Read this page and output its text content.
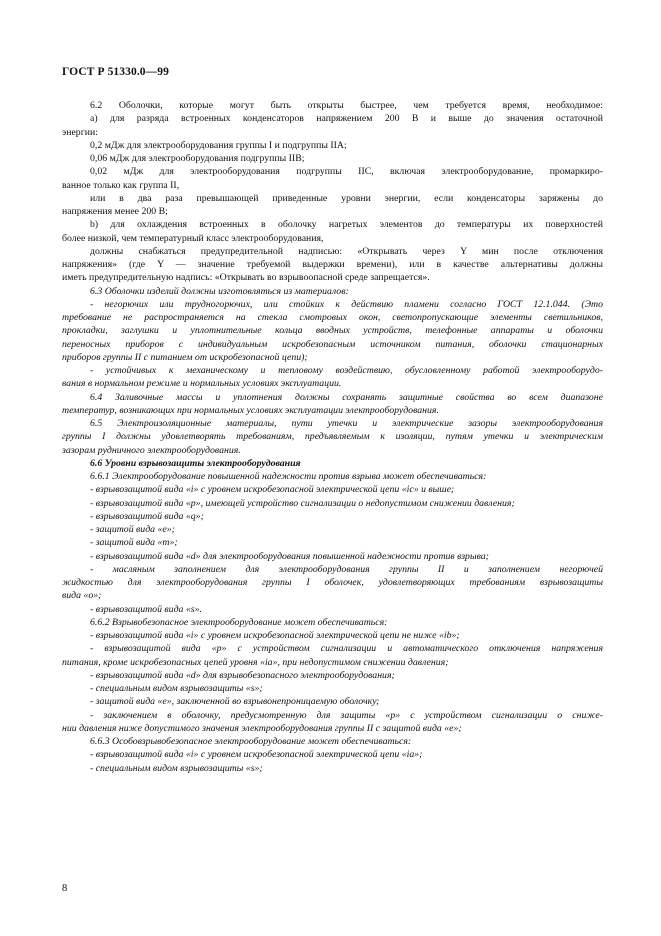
ГОСТ Р 51330.0—99
6.2 Оболочки, которые могут быть открыты быстрее, чем требуется время, необходимое:
а) для разряда встроенных конденсаторов напряжением 200 В и выше до значения остаточной
энергии:
0,2 мДж для электрооборудования группы I и подгруппы IIA;
0,06 мДж для электрооборудования подгруппы IIB;
0,02 мДж для электрооборудования подгруппы IIC, включая электрооборудование, промаркиро-
ванное только как группа II,
или в два раза превышающей приведенные уровни энергии, если конденсаторы заряжены до
напряжения менее 200 В;
b) для охлаждения встроенных в оболочку нагретых элементов до температуры их поверхностей
более низкой, чем температурный класс электрооборудования,
должны снабжаться предупредительной надписью: «Открывать через Y мин после отключения
напряжения» (где Y — значение требуемой выдержки времени), или в качестве альтернативы должны
иметь предупредительную надпись: «Открывать во взрывоопасной среде запрещается».
6.3 Оболочки изделий должны изготовляться из материалов:
- негорючих или трудногорючих, или стойких к действию пламени согласно ГОСТ 12.1.044. (Это
требование не распространяется на стекла смотровых окон, светопропускающие элементы светильников,
прокладки, заглушки и уплотнительные кольца вводных устройств, телефонные аппараты и оболочки
переносных приборов с индивидуальным искробезопасным источником питания, оболочки стационарных
приборов группы II с питанием от искробезопасной цепи);
- устойчивых к механическому и тепловому воздействию, обусловленному работой электрооборудо-
вания в нормальном режиме и нормальных условиях эксплуатации.
6.4 Заливочные массы и уплотнения должны сохранять защитные свойства во всем диапазоне
температур, возникающих при нормальных условиях эксплуатации электрооборудования.
6.5 Электроизоляционные материалы, пути утечки и электрические зазоры электрооборудования
группы I должны удовлетворять требованиям, предъявляемым к изоляции, путям утечки и электрическим
зазорам рудничного электрооборудования.
6.6 Уровни взрывозащиты электрооборудования
6.6.1 Электрооборудование повышенной надежности против взрыва может обеспечиваться:
- взрывозащитой вида «i» с уровнем искробезопасной электрической цепи «ic» и выше;
- взрывозащитой вида «p», имеющей устройство сигнализации о недопустимом снижении давления;
- взрывозащитой вида «q»;
- защитой вида «e»;
- защитой вида «т»;
- взрывозащитой вида «d» для электрооборудования повышенной надежности против взрыва;
- масляным заполнением для электрооборудования группы II и заполнением негорючей
жидкостью для электрооборудования группы I оболочек, удовлетворяющих требованиям взрывозащиты
вида «o»;
- взрывозащитой вида «s».
6.6.2 Взрывобезопасное электрооборудование может обеспечиваться:
- взрывозащитой вида «i» с уровнем искробезопасной электрической цепи не ниже «ib»;
- взрывозащитой вида «p» с устройством сигнализации и автоматического отключения напряжения
питания, кроме искробезопасных цепей уровня «ia», при недопустимом снижении давления;
- взрывозащитой вида «d» для взрывобезопасного электрооборудования;
- специальным видом взрывозащиты «s»;
- защитой вида «e», заключенной во взрывонепроницаемую оболочку;
- заключением в оболочку, предусмотренную для защиты «p» с устройством сигнализации о сниже-
нии давления ниже допустимого значения электрооборудования группы II с защитой вида «e»;
6.6.3 Особовзрывобезопасное электрооборудование может обеспечиваться:
- взрывозащитой вида «i» с уровнем искробезопасной электрической цепи «ia»;
- специальным видом взрывозащиты «s»;
8
